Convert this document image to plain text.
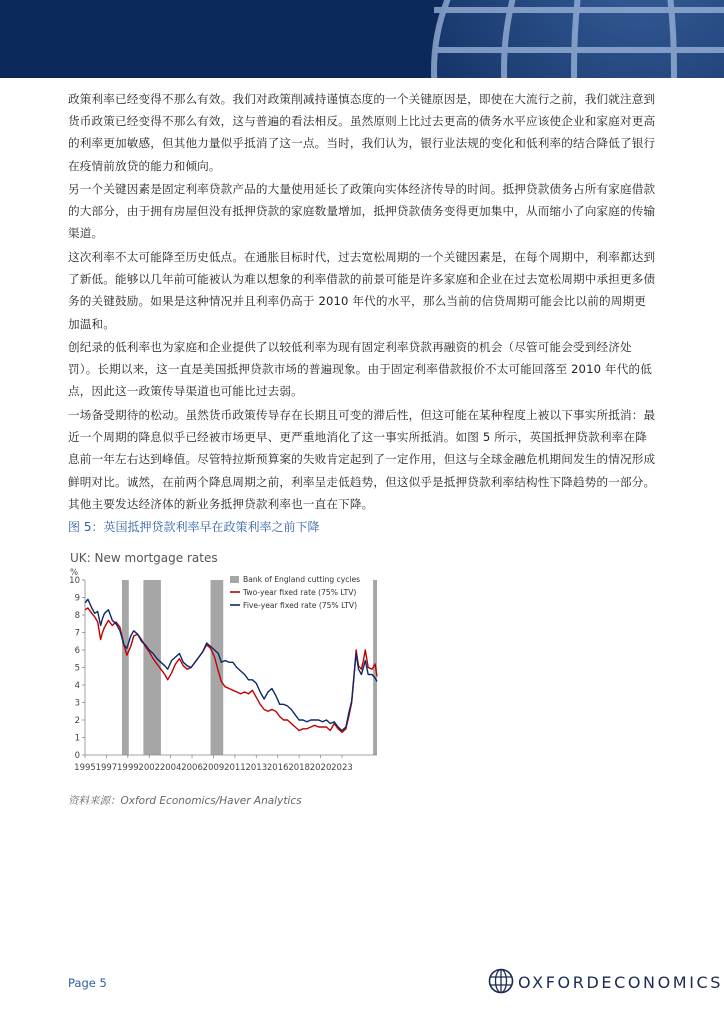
政策利率已经变得不那么有效。我们对政策削减持谨慎态度的一个关键原因是，即使在大流行之前，我们就注意到货币政策已经变得不那么有效，这与普遍的看法相反。虽然原则上比过去更高的债务水平应该使企业和家庭对更高的利率更加敏感，但其他力量似乎抵消了这一点。当时，我们认为，银行业法规的变化和低利率的结合降低了银行在疫情前放贷的能力和倾向。

另一个关键因素是固定利率贷款产品的大量使用延长了政策向实体经济传导的时间。抵押贷款债务占所有家庭借款的大部分，由于拥有房屋但没有抵押贷款的家庭数量增加，抵押贷款债务变得更加集中，从而缩小了向家庭的传输渠道。

这次利率不太可能降至历史低点。在通胀目标时代，过去宽松周期的一个关键因素是，在每个周期中，利率都达到了新低。能够以几年前可能被认为难以想象的利率借款的前景可能是许多家庭和企业在过去宽松周期中承担更多债务的关键鼓励。如果是这种情况并且利率仍高于 2010 年代的水平，那么当前的信贷周期可能会比以前的周期更加温和。

创纪录的低利率也为家庭和企业提供了以较低利率为现有固定利率贷款再融资的机会（尽管可能会受到经济处罚）。长期以来，这一直是美国抵押贷款市场的普遍现象。由于固定利率借款报价不太可能回落至 2010 年代的低点，因此这一政策传导渠道也可能比过去弱。

一场备受期待的松动。虽然货币政策传导存在长期且可变的滞后性，但这可能在某种程度上被以下事实所抵消：最近一个周期的降息似乎已经被市场更早、更严重地消化了这一事实所抵消。如图 5 所示，英国抵押贷款利率在降息前一年左右达到峰值。尽管特拉斯预算案的失败肯定起到了一定作用，但这与全球金融危机期间发生的情况形成鲜明对比。诚然，在前两个降息周期之前，利率呈走低趋势，但这似乎是抵押贷款利率结构性下降趋势的一部分。其他主要发达经济体的新业务抵押贷款利率也一直在下降。

图 5：英国抵押贷款利率早在政策利率之前下降
UK: New mortgage rates
%
0
1
2
3
4
5
6
7
8
9
10
1995 1997 1999 2002 2004 2006 2009 2011 2013 2016 2018 2020 2023
Bank of England cutting cycles
Two-year fixed rate (75% LTV)
Five-year fixed rate (75% LTV)
资料来源：Oxford Economics/Haver Analytics
Page 5	OXFORDECONOMICS
